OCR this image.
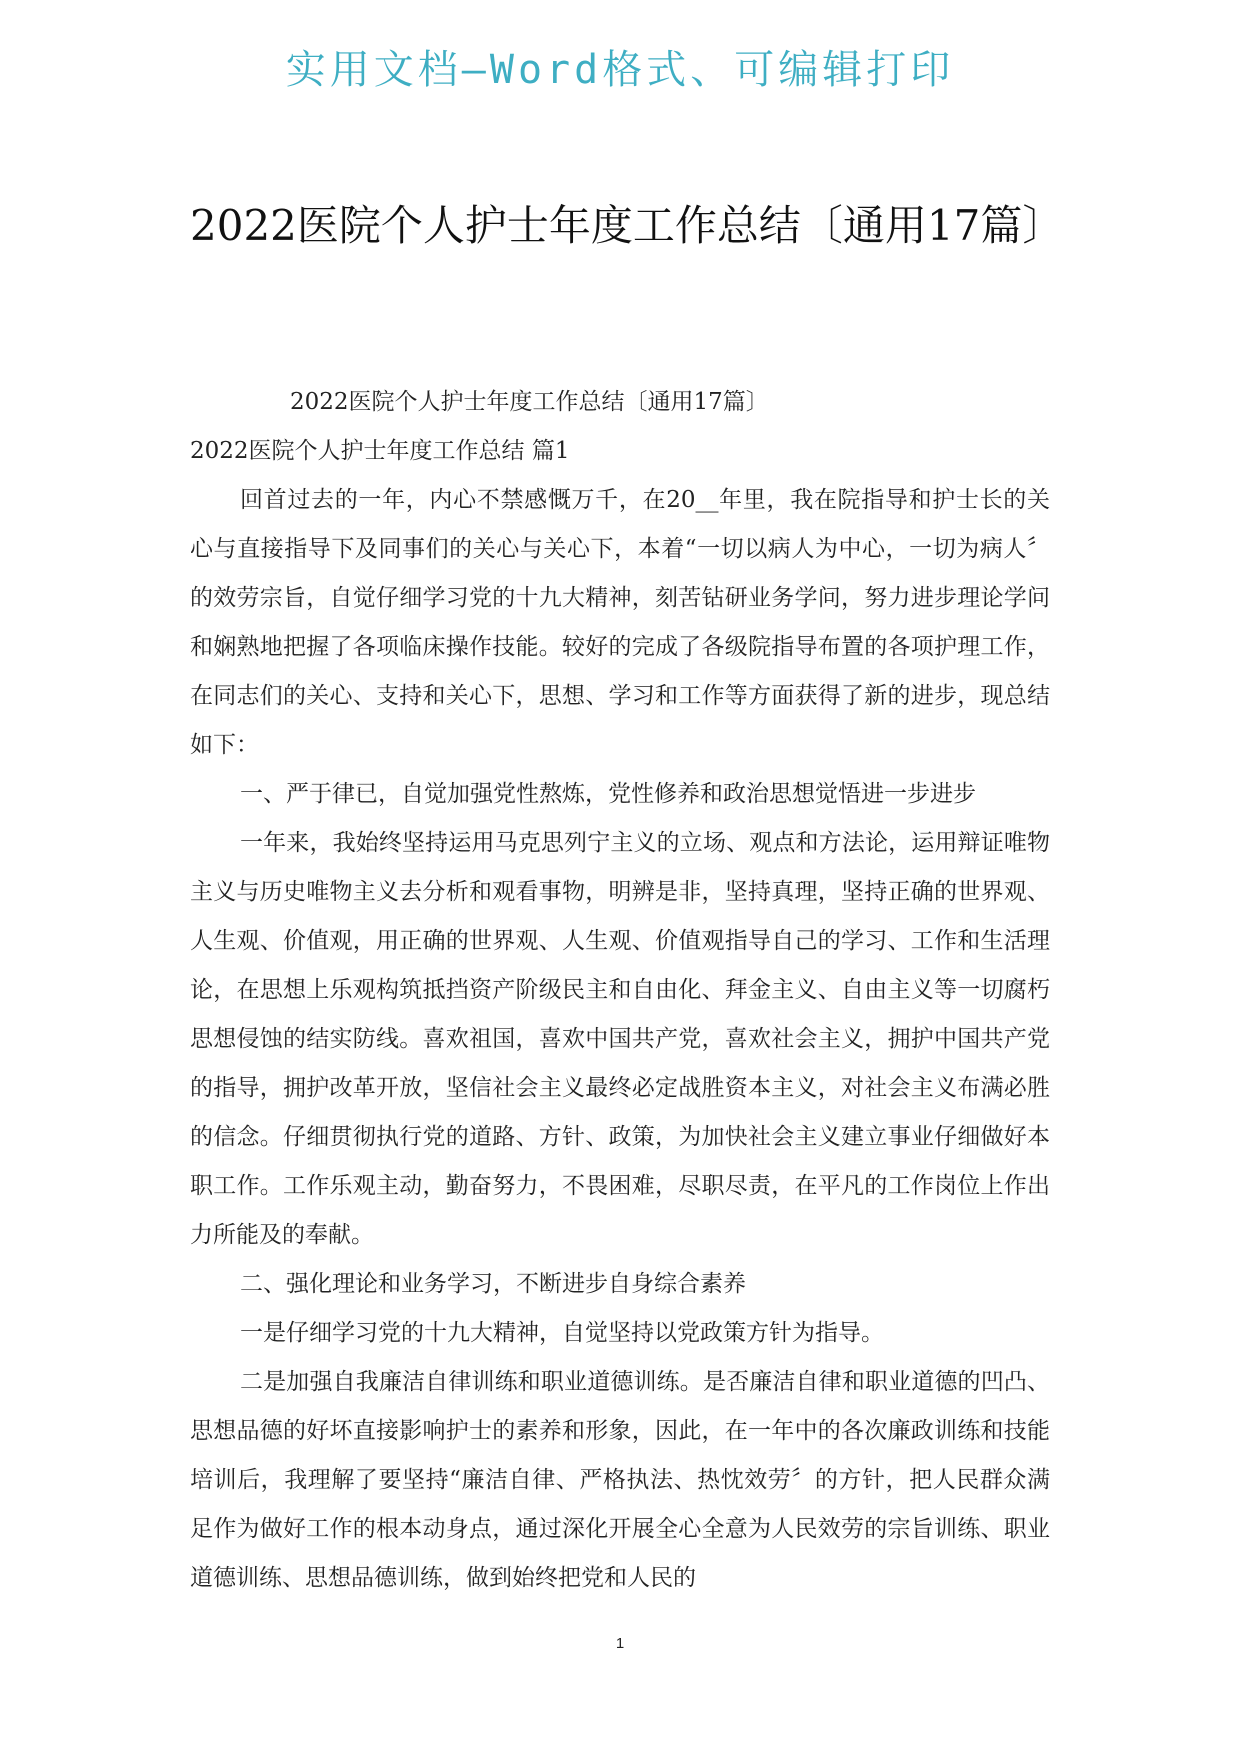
实用文档—Word格式、可编辑打印
2022医院个人护士年度工作总结〔通用17篇〕

2022医院个人护士年度工作总结〔通用17篇〕

2022医院个人护士年度工作总结 篇1

回首过去的一年，内心不禁感慨万千，在20__年里，我在院指导和护士长的关心与直接指导下及同事们的关心与关心下，本着“一切以病人为中心，一切为病人〞的效劳宗旨，自觉仔细学习党的十九大精神，刻苦钻研业务学问，努力进步理论学问和娴熟地把握了各项临床操作技能。较好的完成了各级院指导布置的各项护理工作，在同志们的关心、支持和关心下，思想、学习和工作等方面获得了新的进步，现总结如下：

一、严于律已，自觉加强党性熬炼，党性修养和政治思想觉悟进一步进步

一年来，我始终坚持运用马克思列宁主义的立场、观点和方法论，运用辩证唯物主义与历史唯物主义去分析和观看事物，明辨是非，坚持真理，坚持正确的世界观、人生观、价值观，用正确的世界观、人生观、价值观指导自己的学习、工作和生活理论，在思想上乐观构筑抵挡资产阶级民主和自由化、拜金主义、自由主义等一切腐朽思想侵蚀的结实防线。喜欢祖国，喜欢中国共产党，喜欢社会主义，拥护中国共产党的指导，拥护改革开放，坚信社会主义最终必定战胜资本主义，对社会主义布满必胜的信念。仔细贯彻执行党的道路、方针、政策，为加快社会主义建立事业仔细做好本职工作。工作乐观主动，勤奋努力，不畏困难，尽职尽责，在平凡的工作岗位上作出力所能及的奉献。

二、强化理论和业务学习，不断进步自身综合素养

一是仔细学习党的十九大精神，自觉坚持以党政策方针为指导。

二是加强自我廉洁自律训练和职业道德训练。是否廉洁自律和职业道德的凹凸、思想品德的好坏直接影响护士的素养和形象，因此，在一年中的各次廉政训练和技能培训后，我理解了要坚持“廉洁自律、严格执法、热忱效劳〞的方针，把人民群众满足作为做好工作的根本动身点，通过深化开展全心全意为人民效劳的宗旨训练、职业道德训练、思想品德训练，做到始终把党和人民的

1
